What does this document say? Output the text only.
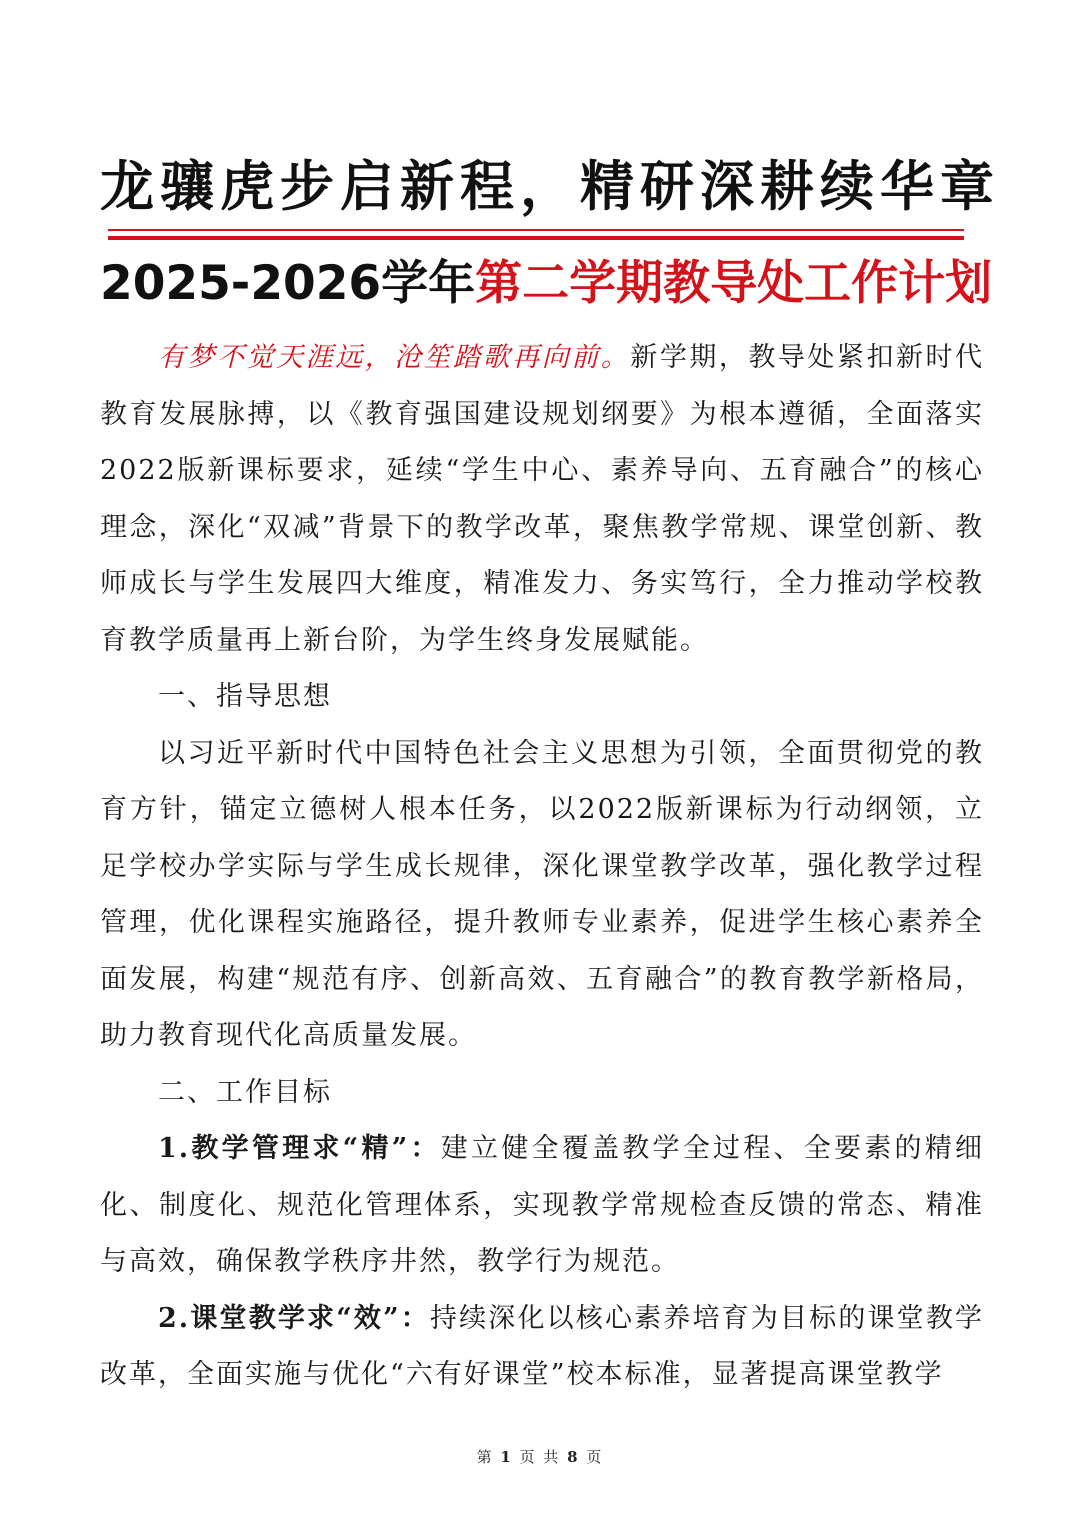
龙骧虎步启新程，精研深耕续华章
2025-2026学年第二学期教导处工作计划

有梦不觉天涯远，沧笙踏歌再向前。新学期，教导处紧扣新时代教育发展脉搏，以《教育强国建设规划纲要》为根本遵循，全面落实2022版新课标要求，延续“学生中心、素养导向、五育融合”的核心理念，深化“双减”背景下的教学改革，聚焦教学常规、课堂创新、教师成长与学生发展四大维度，精准发力、务实笃行，全力推动学校教育教学质量再上新台阶，为学生终身发展赋能。

一、指导思想

以习近平新时代中国特色社会主义思想为引领，全面贯彻党的教育方针，锚定立德树人根本任务，以2022版新课标为行动纲领，立足学校办学实际与学生成长规律，深化课堂教学改革，强化教学过程管理，优化课程实施路径，提升教师专业素养，促进学生核心素养全面发展，构建“规范有序、创新高效、五育融合”的教育教学新格局，助力教育现代化高质量发展。

二、工作目标

1.教学管理求“精”：建立健全覆盖教学全过程、全要素的精细化、制度化、规范化管理体系，实现教学常规检查反馈的常态、精准与高效，确保教学秩序井然，教学行为规范。

2.课堂教学求“效”：持续深化以核心素养培育为目标的课堂教学改革，全面实施与优化“六有好课堂”校本标准，显著提高课堂教学

第 1 页 共 8 页
